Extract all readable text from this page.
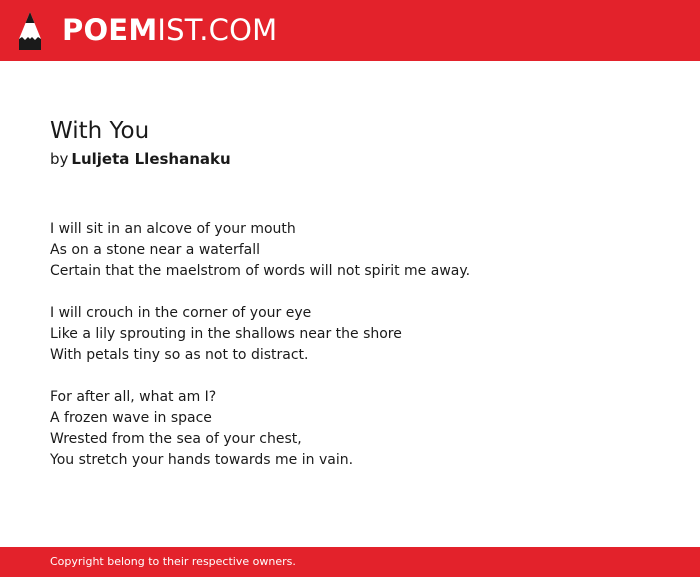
POEMIST.COM
With You
by Luljeta Lleshanaku
I will sit in an alcove of your mouth
As on a stone near a waterfall
Certain that the maelstrom of words will not spirit me away.
I will crouch in the corner of your eye
Like a lily sprouting in the shallows near the shore
With petals tiny so as not to distract.
For after all, what am I?
A frozen wave in space
Wrested from the sea of your chest,
You stretch your hands towards me in vain.
Copyright belong to their respective owners.
